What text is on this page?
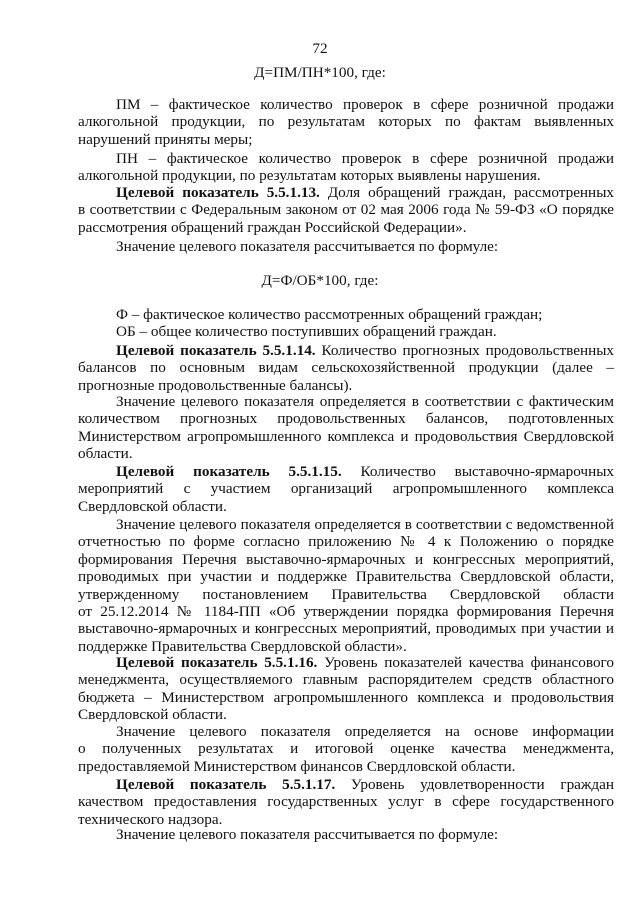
72
Д=ПМ/ПН*100, где:

ПМ – фактическое количество проверок в сфере розничной продажи

алкогольной продукции, по результатам которых по фактам выявленных

нарушений приняты меры;

ПН – фактическое количество проверок в сфере розничной продажи

алкогольной продукции, по результатам которых выявлены нарушения.

Целевой показатель 5.5.1.13. Доля обращений граждан, рассмотренных

в соответствии с Федеральным законом от 02 мая 2006 года № 59-ФЗ «О порядке

рассмотрения обращений граждан Российской Федерации».

Значение целевого показателя рассчитывается по формуле:

Д=Ф/ОБ*100, где:

Ф – фактическое количество рассмотренных обращений граждан;

ОБ – общее количество поступивших обращений граждан.

Целевой показатель 5.5.1.14. Количество прогнозных продовольственных

балансов по основным видам сельскохозяйственной продукции (далее –

прогнозные продовольственные балансы).

Значение целевого показателя определяется в соответствии с фактическим

количеством прогнозных продовольственных балансов, подготовленных

Министерством агропромышленного комплекса и продовольствия Свердловской

области.

Целевой показатель 5.5.1.15. Количество выставочно-ярмарочных

мероприятий с участием организаций агропромышленного комплекса

Свердловской области.

Значение целевого показателя определяется в соответствии с ведомственной

отчетностью по форме согласно приложению № 4 к Положению о порядке

формирования Перечня выставочно-ярмарочных и конгрессных мероприятий,

проводимых при участии и поддержке Правительства Свердловской области,

утвержденному постановлением Правительства Свердловской области

от 25.12.2014 № 1184-ПП «Об утверждении порядка формирования Перечня

выставочно-ярмарочных и конгрессных мероприятий, проводимых при участии и

поддержке Правительства Свердловской области».

Целевой показатель 5.5.1.16. Уровень показателей качества финансового

менеджмента, осуществляемого главным распорядителем средств областного

бюджета – Министерством агропромышленного комплекса и продовольствия

Свердловской области.

Значение целевого показателя определяется на основе информации

о полученных результатах и итоговой оценке качества менеджмента,

предоставляемой Министерством финансов Свердловской области.

Целевой показатель 5.5.1.17. Уровень удовлетворенности граждан

качеством предоставления государственных услуг в сфере государственного

технического надзора.

Значение целевого показателя рассчитывается по формуле:
